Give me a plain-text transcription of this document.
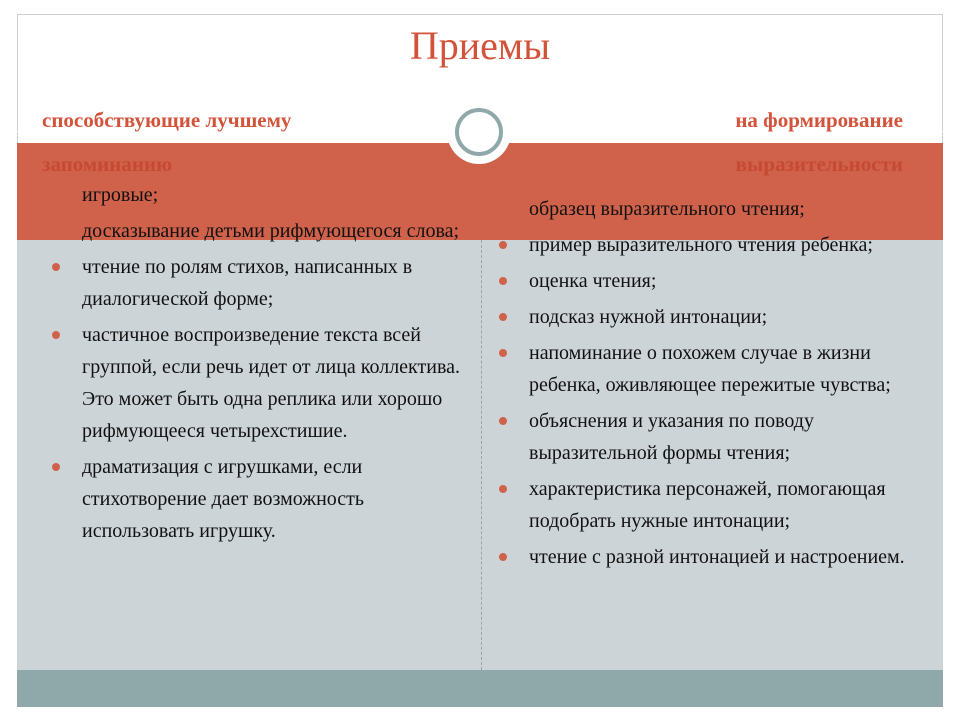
Приемы
способствующие лучшему
запоминанию
на формирование
выразительности
игровые;
досказывание детьми рифмующегося слова;
чтение по ролям стихов, написанных в диалогической форме;
частичное воспроизведение текста всей группой, если речь идет от лица коллектива. Это может быть одна реплика или хорошо рифмующееся четырехстишие.
драматизация с игрушками, если стихотворение дает возможность использовать игрушку.
образец выразительного чтения;
пример выразительного чтения ребенка;
оценка чтения;
подсказ нужной интонации;
напоминание о похожем случае в жизни ребенка, оживляющее пережитые чувства;
объяснения и указания по поводу выразительной формы чтения;
характеристика персонажей, помогающая подобрать нужные интонации;
чтение с разной интонацией и настроением.
